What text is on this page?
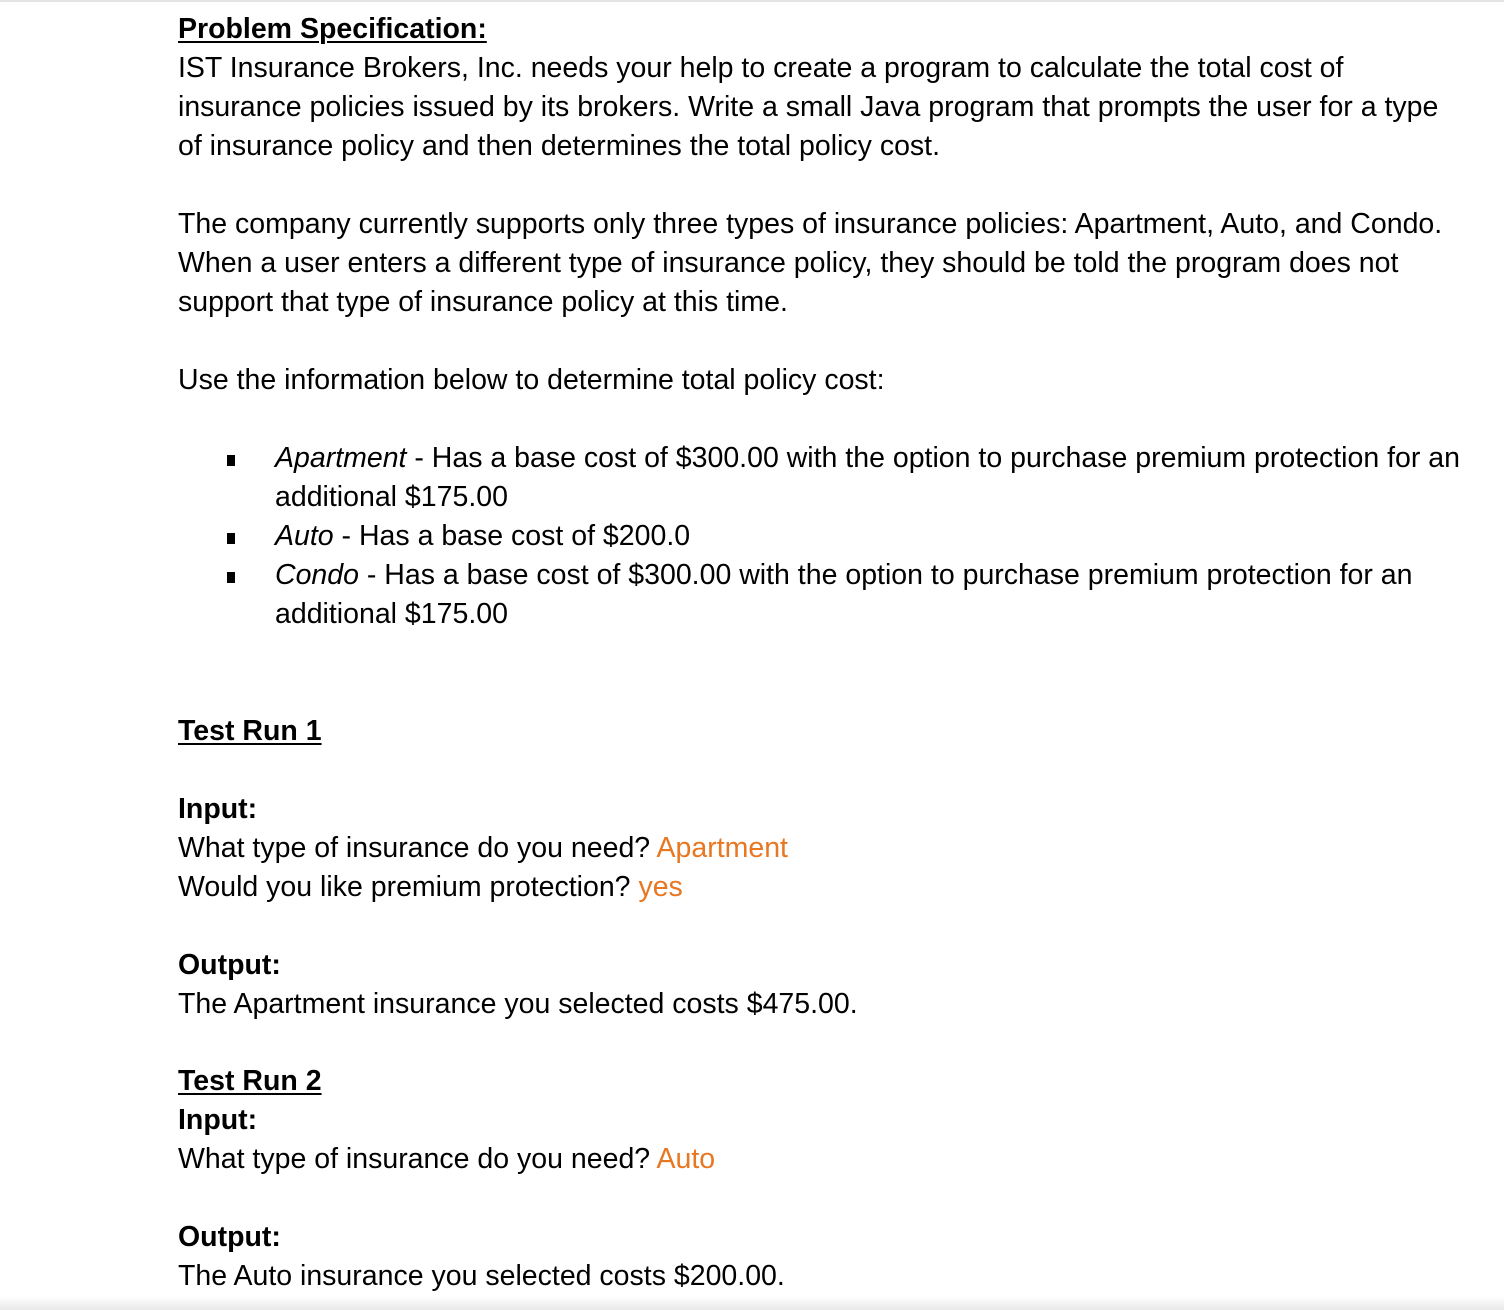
Problem Specification:

IST Insurance Brokers, Inc. needs your help to create a program to calculate the total cost of insurance policies issued by its brokers. Write a small Java program that prompts the user for a type of insurance policy and then determines the total policy cost.

The company currently supports only three types of insurance policies: Apartment, Auto, and Condo. When a user enters a different type of insurance policy, they should be told the program does not support that type of insurance policy at this time.

Use the information below to determine total policy cost:

Apartment - Has a base cost of $300.00 with the option to purchase premium protection for an additional $175.00
Auto - Has a base cost of $200.0
Condo - Has a base cost of $300.00 with the option to purchase premium protection for an additional $175.00
Test Run 1

Input:

What type of insurance do you need? Apartment

Would you like premium protection? yes

Output:

The Apartment insurance you selected costs $475.00.

Test Run 2

Input:

What type of insurance do you need? Auto

Output:

The Auto insurance you selected costs $200.00.
